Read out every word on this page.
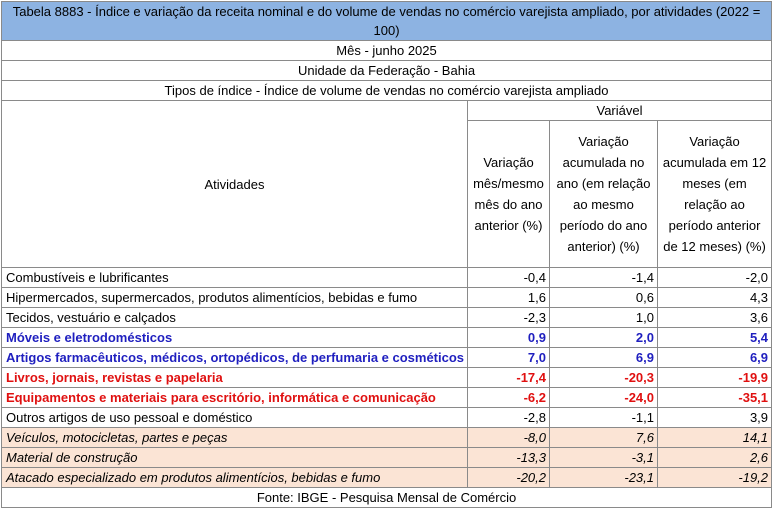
Tabela 8883 - Índice e variação da receita nominal e do volume de vendas no comércio varejista ampliado, por atividades (2022 = 100)			
Mês - junho 2025			
Unidade da Federação - Bahia			
Tipos de índice - Índice de volume de vendas no comércio varejista ampliado			
Atividades	Variável		
	Variação mês/mesmo mês do ano anterior (%)	Variação acumulada no ano (em relação ao mesmo período do ano anterior) (%)	Variação acumulada em 12 meses (em relação ao período anterior de 12 meses) (%)
Combustíveis e lubrificantes	-0,4	-1,4	-2,0
Hipermercados, supermercados, produtos alimentícios, bebidas e fumo	1,6	0,6	4,3
Tecidos, vestuário e calçados	-2,3	1,0	3,6
Móveis e eletrodomésticos	0,9	2,0	5,4
Artigos farmacêuticos, médicos, ortopédicos, de perfumaria e cosméticos	7,0	6,9	6,9
Livros, jornais, revistas e papelaria	-17,4	-20,3	-19,9
Equipamentos e materiais para escritório, informática e comunicação	-6,2	-24,0	-35,1
Outros artigos de uso pessoal e doméstico	-2,8	-1,1	3,9
Veículos, motocicletas, partes e peças	-8,0	7,6	14,1
Material de construção	-13,3	-3,1	2,6
Atacado especializado em produtos alimentícios, bebidas e fumo	-20,2	-23,1	-19,2
Fonte: IBGE - Pesquisa Mensal de Comércio			
